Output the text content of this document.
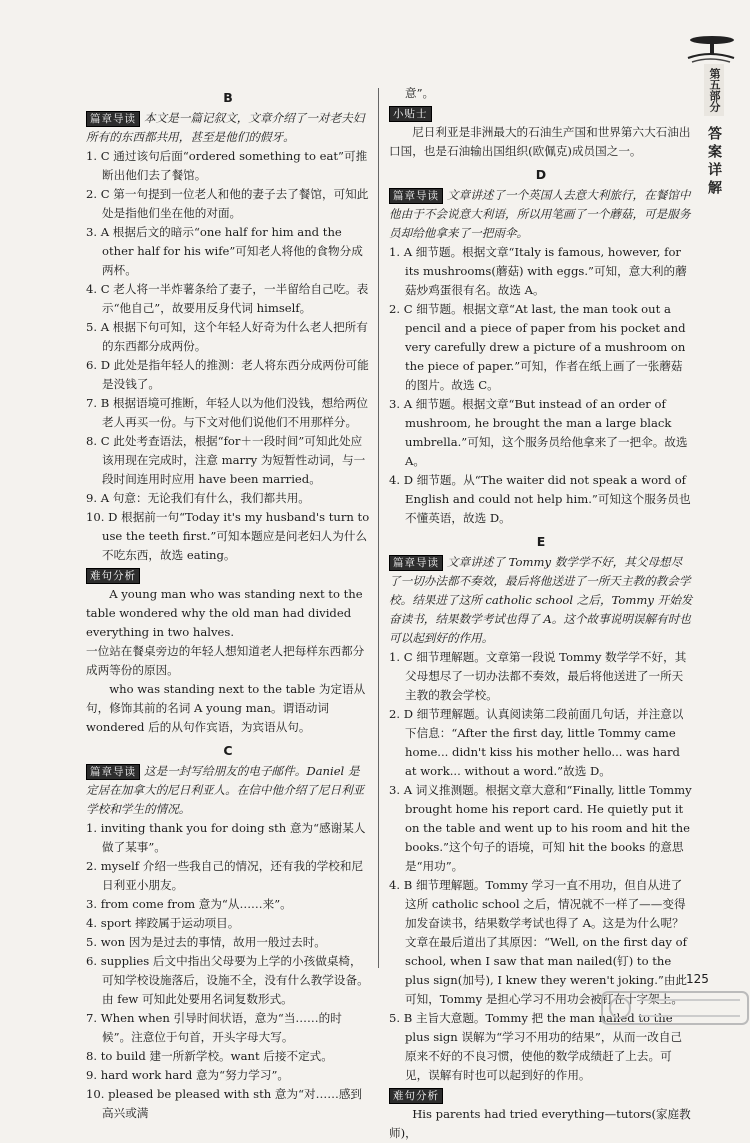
第五部分
答案详解
B

篇章导读 本文是一篇记叙文，文章介绍了一对老夫妇所有的东西都共用，甚至是他们的假牙。

1. C 通过该句后面“ordered something to eat”可推断出他们去了餐馆。

2. C 第一句提到一位老人和他的妻子去了餐馆，可知此处是指他们坐在他的对面。

3. A 根据后文的暗示“one half for him and the other half for his wife”可知老人将他的食物分成两杯。

4. C 老人将一半炸薯条给了妻子，一半留给自己吃。表示“他自己”，故要用反身代词 himself。

5. A 根据下句可知，这个年轻人好奇为什么老人把所有的东西都分成两份。

6. D 此处是指年轻人的推测：老人将东西分成两份可能是没钱了。

7. B 根据语境可推断，年轻人以为他们没钱，想给两位老人再买一份。与下文对他们说他们不用那样分。

8. C 此处考查语法，根据“for＋一段时间”可知此处应该用现在完成时，注意 marry 为短暂性动词，与一段时间连用时应用 have been married。

9. A 句意：无论我们有什么，我们都共用。

10. D 根据前一句“Today it's my husband's turn to use the teeth first.”可知本题应是问老妇人为什么不吃东西，故选 eating。

难句分析

A young man who was standing next to the table wondered why the old man had divided everything in two halves.

一位站在餐桌旁边的年轻人想知道老人把每样东西都分成两等份的原因。

who was standing next to the table 为定语从句，修饰其前的名词 A young man。谓语动词 wondered 后的从句作宾语，为宾语从句。

C

篇章导读 这是一封写给朋友的电子邮件。Daniel 是定居在加拿大的尼日利亚人。在信中他介绍了尼日利亚学校和学生的情况。

1. inviting thank you for doing sth 意为“感谢某人做了某事”。

2. myself 介绍一些我自己的情况，还有我的学校和尼日利亚小朋友。

3. from come from 意为“从……来”。

4. sport 摔跤属于运动项目。

5. won 因为是过去的事情，故用一般过去时。

6. supplies 后文中指出父母要为上学的小孩做桌椅，可知学校设施落后，设施不全，没有什么教学设备。由 few 可知此处要用名词复数形式。

7. When when 引导时间状语，意为“当……的时候”。注意位于句首，开头字母大写。

8. to build 建一所新学校。want 后接不定式。

9. hard work hard 意为“努力学习”。

10. pleased be pleased with sth 意为“对……感到高兴或满

意”。

小贴士

尼日利亚是非洲最大的石油生产国和世界第六大石油出口国，也是石油输出国组织(欧佩克)成员国之一。

D

篇章导读 文章讲述了一个英国人去意大利旅行，在餐馆中他由于不会说意大利语，所以用笔画了一个蘑菇，可是服务员却给他拿来了一把雨伞。

1. A 细节题。根据文章“Italy is famous, however, for its mushrooms(蘑菇) with eggs.”可知，意大利的蘑菇炒鸡蛋很有名。故选 A。

2. C 细节题。根据文章“At last, the man took out a pencil and a piece of paper from his pocket and very carefully drew a picture of a mushroom on the piece of paper.”可知，作者在纸上画了一张蘑菇的图片。故选 C。

3. A 细节题。根据文章“But instead of an order of mushroom, he brought the man a large black umbrella.”可知，这个服务员给他拿来了一把伞。故选 A。

4. D 细节题。从“The waiter did not speak a word of English and could not help him.”可知这个服务员也不懂英语，故选 D。

E

篇章导读 文章讲述了 Tommy 数学学不好，其父母想尽了一切办法都不奏效，最后将他送进了一所天主教的教会学校。结果进了这所 catholic school 之后，Tommy 开始发奋读书，结果数学考试也得了 A。这个故事说明误解有时也可以起到好的作用。

1. C 细节理解题。文章第一段说 Tommy 数学学不好，其父母想尽了一切办法都不奏效，最后将他送进了一所天主教的教会学校。

2. D 细节理解题。认真阅读第二段前面几句话，并注意以下信息：“After the first day, little Tommy came home... didn't kiss his mother hello... was hard at work... without a word.”故选 D。

3. A 词义推测题。根据文章大意和“Finally, little Tommy brought home his report card. He quietly put it on the table and went up to his room and hit the books.”这个句子的语境，可知 hit the books 的意思是“用功”。

4. B 细节理解题。Tommy 学习一直不用功，但自从进了这所 catholic school 之后，情况就不一样了——变得加发奋读书，结果数学考试也得了 A。这是为什么呢？文章在最后道出了其原因：“Well, on the first day of school, when I saw that man nailed(钉) to the plus sign(加号), I knew they weren't joking.”由此可知，Tommy 是担心学习不用功会被钉在十字架上。

5. B 主旨大意题。Tommy 把 the man nailed to the plus sign 误解为“学习不用功的结果”，从而一改自己原来不好的不良习惯，使他的数学成绩赶了上去。可见，误解有时也可以起到好的作用。

难句分析

His parents had tried everything—tutors(家庭教师)，

125
